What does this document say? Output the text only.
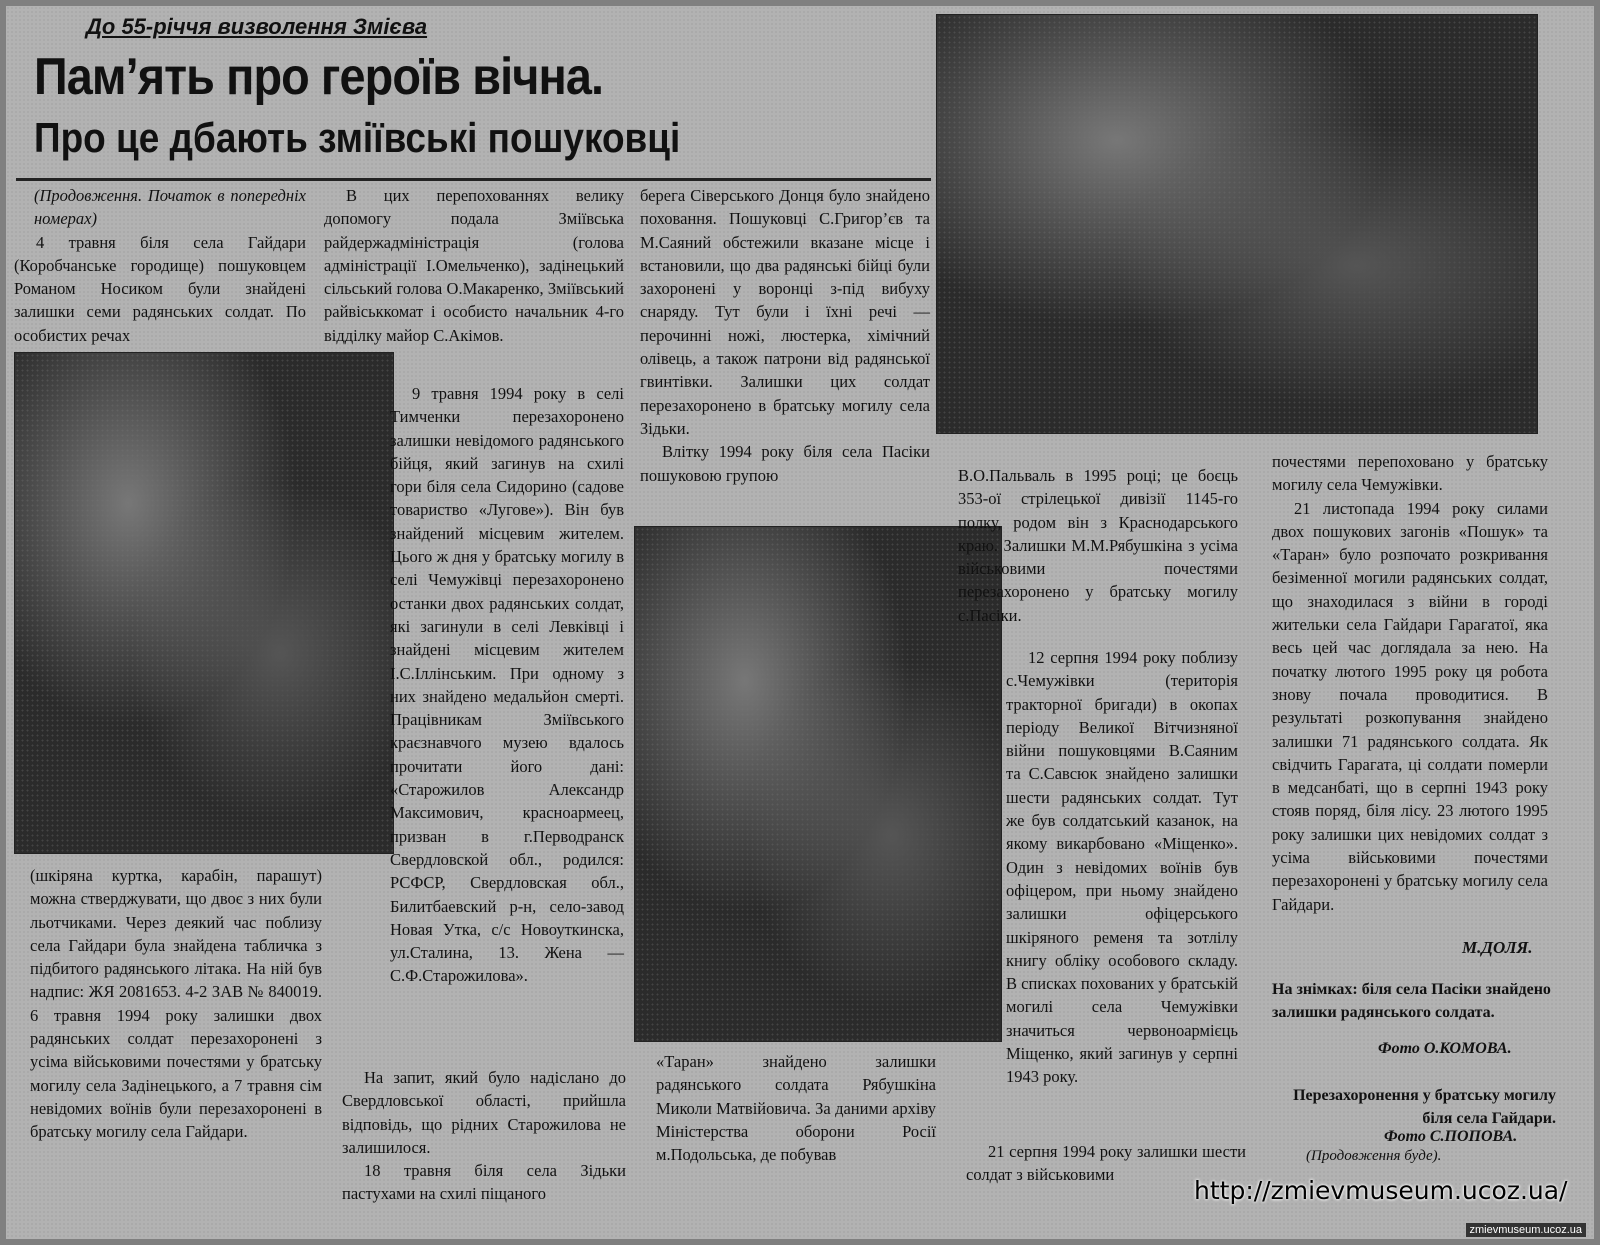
До 55-річчя визволення Змієва
Пам’ять про героїв вічна.
Про це дбають зміївські пошуковці

(Продовження. Початок в попередніх номерах)

4 травня біля села Гайдари (Коробчанське городище) пошуковцем Романом Носиком були знайдені залишки семи радянських солдат. По особистих речах

(шкіряна куртка, карабін, парашут) можна стверджувати, що двоє з них були льотчиками. Через деякий час поблизу села Гайдари була знайдена табличка з підбитого радянського літака. На ній був надпис: ЖЯ 2081653. 4-2 ЗАВ № 840019. 6 травня 1994 року залишки двох радянських солдат перезахоронені з усіма військовими почестями у братську могилу села Задінецького, а 7 травня сім невідомих воїнів були перезахоронені в братську могилу села Гайдари.

В цих перепохованнях велику допомогу подала Зміївська райдержадміністрація (голова адміністрації І.Омельченко), задінецький сільський голова О.Макаренко, Зміївський райвіськкомат і особисто начальник 4-го відділку майор С.Акімов.

9 травня 1994 року в селі Тимченки перезахоронено залишки невідомого радянського бійця, який загинув на схилі гори біля села Сидорино (садове товариство «Лугове»). Він був знайдений місцевим жителем. Цього ж дня у братську могилу в селі Чемужівці перезахоронено останки двох радянських солдат, які загинули в селі Левківці і знайдені місцевим жителем І.С.Іллінським. При одному з них знайдено медальйон смерті. Працівникам Зміївського краєзнавчого музею вдалось прочитати його дані: «Старожилов Александр Максимович, красноармеец, призван в г.Перводранск Свердловской обл., родился: РСФСР, Свердловская обл., Билитбаевский р-н, село-завод Новая Утка, с/с Новоуткинска, ул.Сталина, 13. Жена — С.Ф.Старожилова».

На запит, який було надіслано до Свердловської області, прийшла відповідь, що рідних Старожилова не залишилося.

18 травня біля села Зідьки пастухами на схилі піщаного

берега Сіверського Донця було знайдено поховання. Пошуковці С.Григор’єв та М.Саяний обстежили вказане місце і встановили, що два радянські бійці були захоронені у воронці з-під вибуху снаряду. Тут були і їхні речі — перочинні ножі, люстерка, хімічний олівець, а також патрони від радянської гвинтівки. Залишки цих солдат перезахоронено в братську могилу села Зідьки.

Влітку 1994 року біля села Пасіки пошуковою групою

«Таран» знайдено залишки радянського солдата Рябушкіна Миколи Матвійовича. За даними архіву Міністерства оборони Росії м.Подольська, де побував

В.О.Пальваль в 1995 році; це боєць 353-ої стрілецької дивізії 1145-го полку, родом він з Краснодарського краю. Залишки М.М.Рябушкіна з усіма військовими почестями перезахоронено у братську могилу с.Пасіки.

12 серпня 1994 року поблизу с.Чемужівки (територія тракторної бригади) в окопах періоду Великої Вітчизняної війни пошуковцями В.Саяним та С.Савсюк знайдено залишки шести радянських солдат. Тут же був солдатський казанок, на якому викарбовано «Міщенко». Один з невідомих воїнів був офіцером, при ньому знайдено залишки офіцерського шкіряного ременя та зотлілу книгу обліку особового складу. В списках похованих у братській могилі села Чемужівки значиться червоноармієць Міщенко, який загинув у серпні 1943 року.

21 серпня 1994 року залишки шести солдат з військовими

почестями перепоховано у братську могилу села Чемужівки.

21 листопада 1994 року силами двох пошукових загонів «Пошук» та «Таран» було розпочато розкривання безіменної могили радянських солдат, що знаходилася з війни в городі жительки села Гайдари Гарагатої, яка весь цей час доглядала за нею. На початку лютого 1995 року ця робота знову почала проводитися. В результаті розкопування знайдено залишки 71 радянського солдата. Як свідчить Гарагата, ці солдати померли в медсанбаті, що в серпні 1943 року стояв поряд, біля лісу. 23 лютого 1995 року залишки цих невідомих солдат з усіма військовими почестями перезахоронені у братську могилу села Гайдари.

М.ДОЛЯ.
На знімках: біля села Пасіки знайдено залишки радянського солдата.
Фото О.КОМОВА.
Перезахоронення у братську могилу біля села Гайдари.
Фото С.ПОПОВА.
(Продовження буде).
http://zmievmuseum.ucoz.ua/
zmievmuseum.ucoz.ua
